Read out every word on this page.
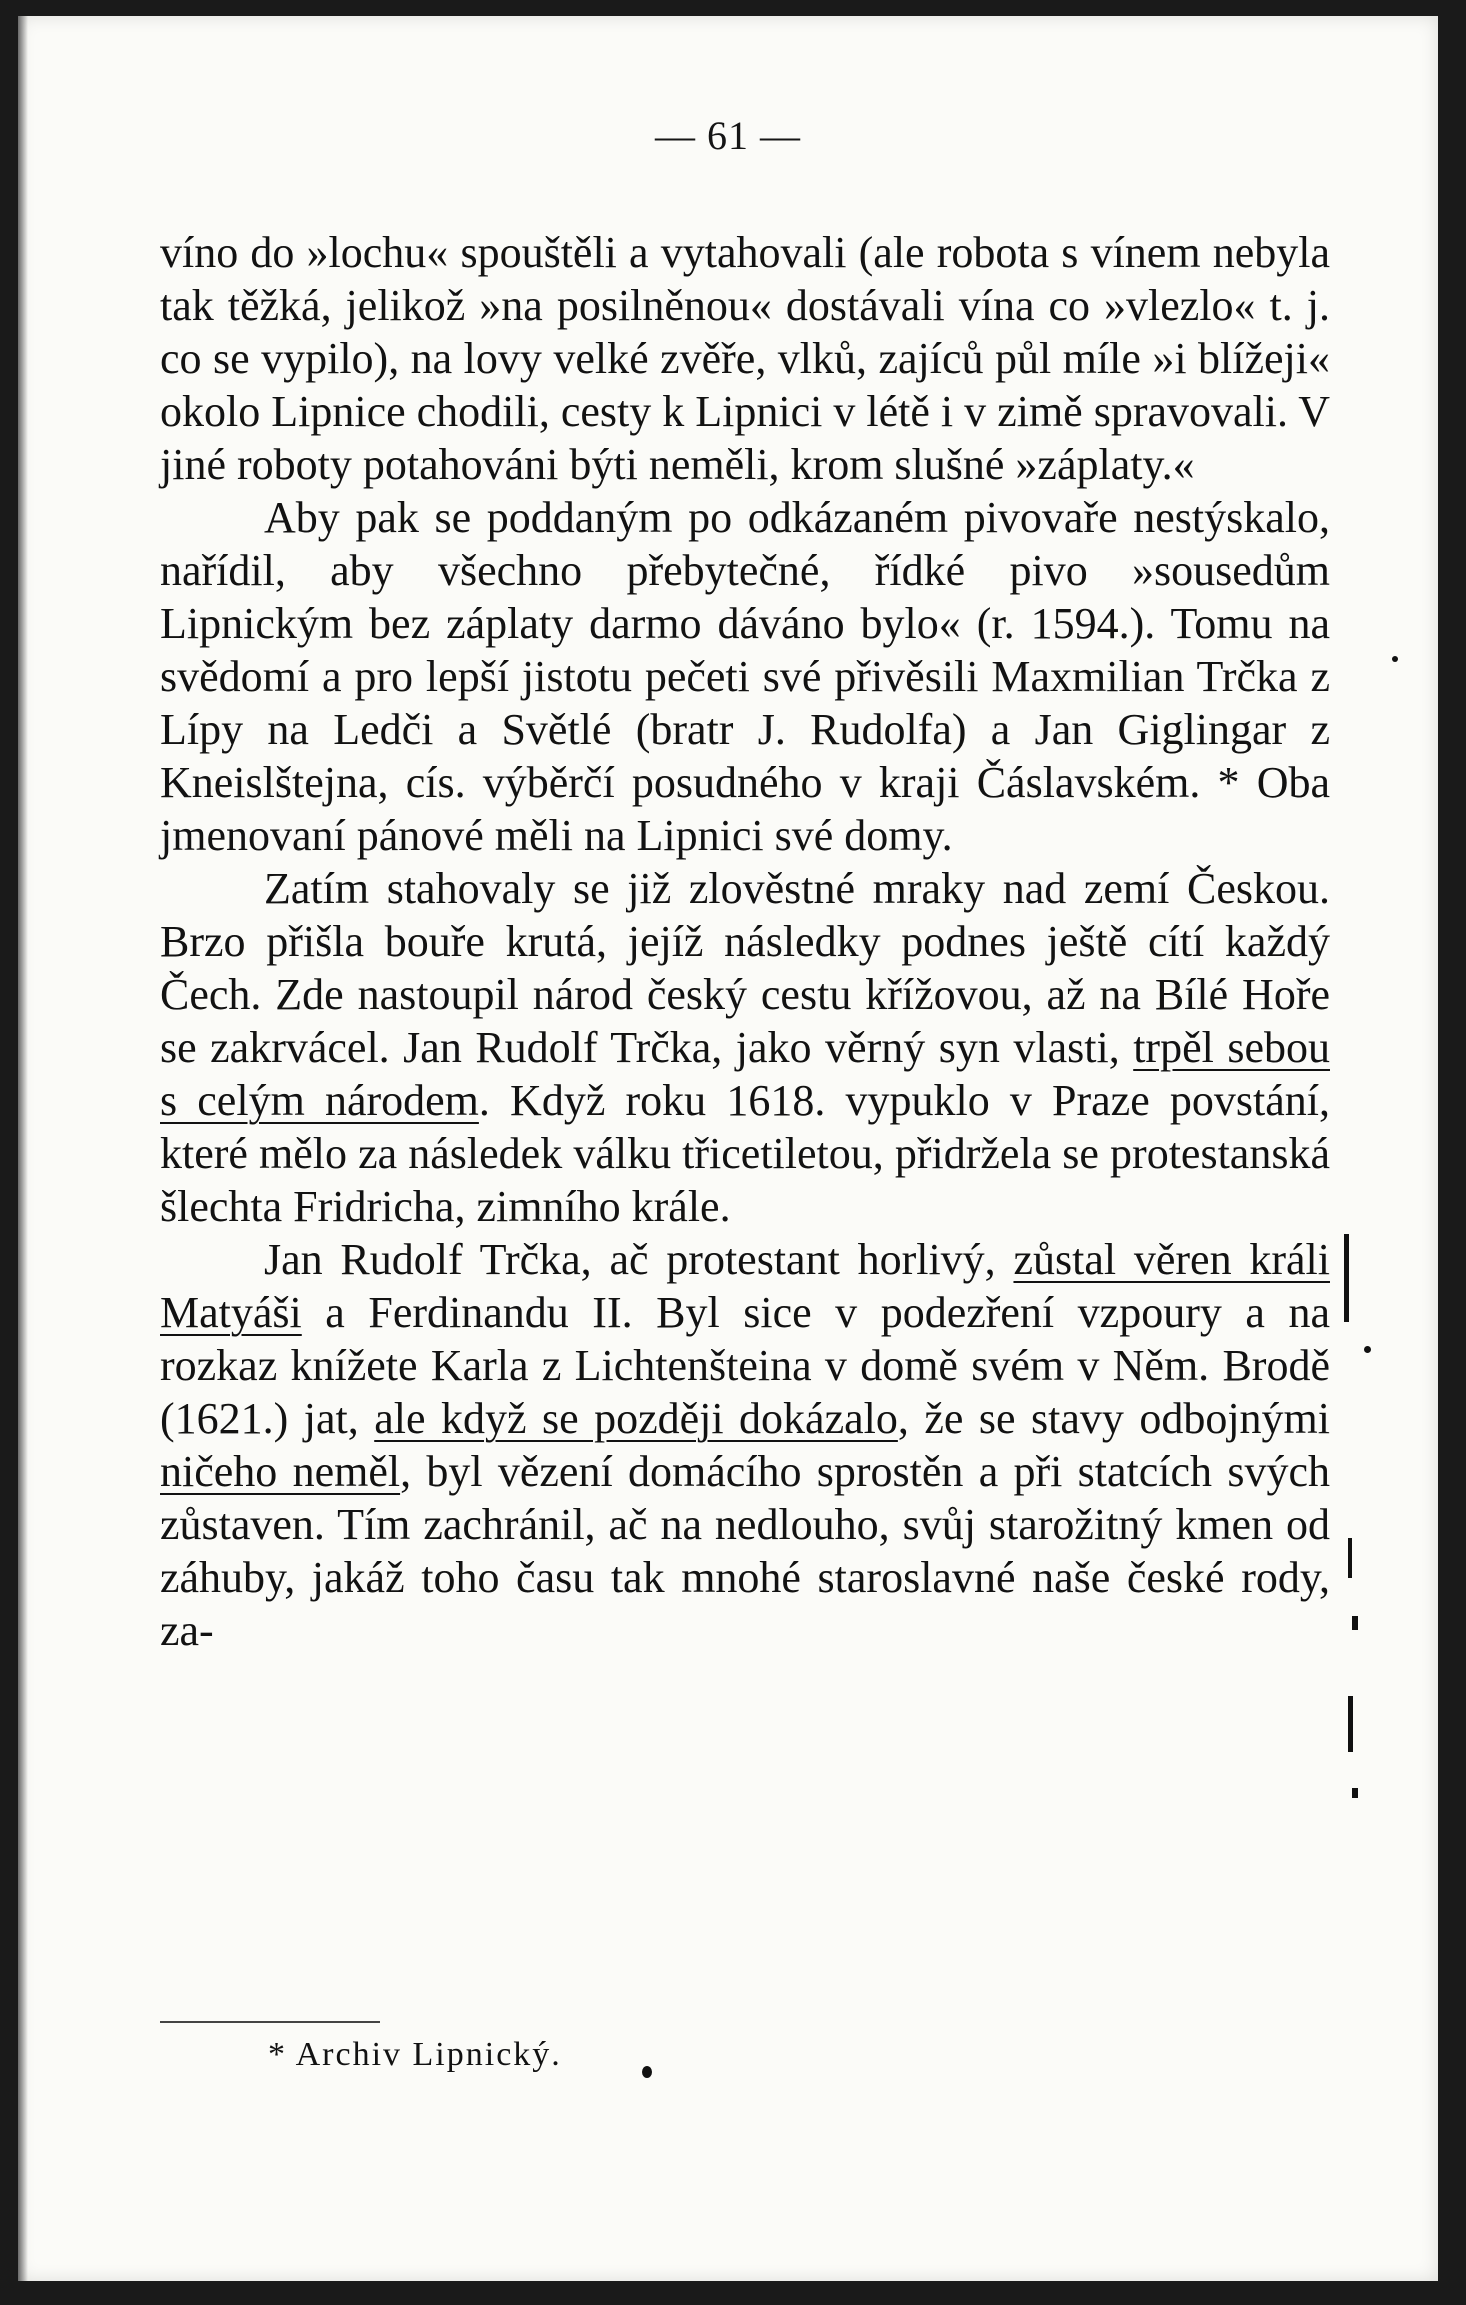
— 61 —

víno do »lochu« spouštěli a vytahovali (ale robota s vínem nebyla tak těžká, jelikož »na posilněnou« dostávali vína co »vlezlo« t. j. co se vypilo), na lovy velké zvěře, vlků, zajíců půl míle »i blížeji« okolo Lipnice chodili, cesty k Lipnici v létě i v zimě spravovali. V jiné roboty potahováni býti neměli, krom slušné »záplaty.«

Aby pak se poddaným po odkázaném pivovaře nestýskalo, nařídil, aby všechno přebytečné, řídké pivo »sousedům Lipnickým bez záplaty darmo dáváno bylo« (r. 1594.). Tomu na svědomí a pro lepší jistotu pečeti své přivěsili Maxmilian Trčka z Lípy na Ledči a Světlé (bratr J. Rudolfa) a Jan Giglingar z Kneislštejna, cís. výběrčí posudného v kraji Čáslavském. * Oba jmenovaní pánové měli na Lipnici své domy.

Zatím stahovaly se již zlověstné mraky nad zemí Českou. Brzo přišla bouře krutá, jejíž následky podnes ještě cítí každý Čech. Zde nastoupil národ český cestu křížovou, až na Bílé Hoře se zakrvácel. Jan Rudolf Trčka, jako věrný syn vlasti, trpěl sebou s celým národem. Když roku 1618. vypuklo v Praze povstání, které mělo za následek válku třicetiletou, přidržela se protestanská šlechta Fridricha, zimního krále.

Jan Rudolf Trčka, ač protestant horlivý, zůstal věren králi Matyáši a Ferdinandu II. Byl sice v podezření vzpoury a na rozkaz knížete Karla z Lichtenšteina v domě svém v Něm. Brodě (1621.) jat, ale když se později dokázalo, že se stavy odbojnými ničeho neměl, byl vězení domácího sprostěn a při statcích svých zůstaven. Tím zachránil, ač na nedlouho, svůj starožitný kmen od záhuby, jakáž toho času tak mnohé staroslavné naše české rody, za-

* Archiv Lipnický.
